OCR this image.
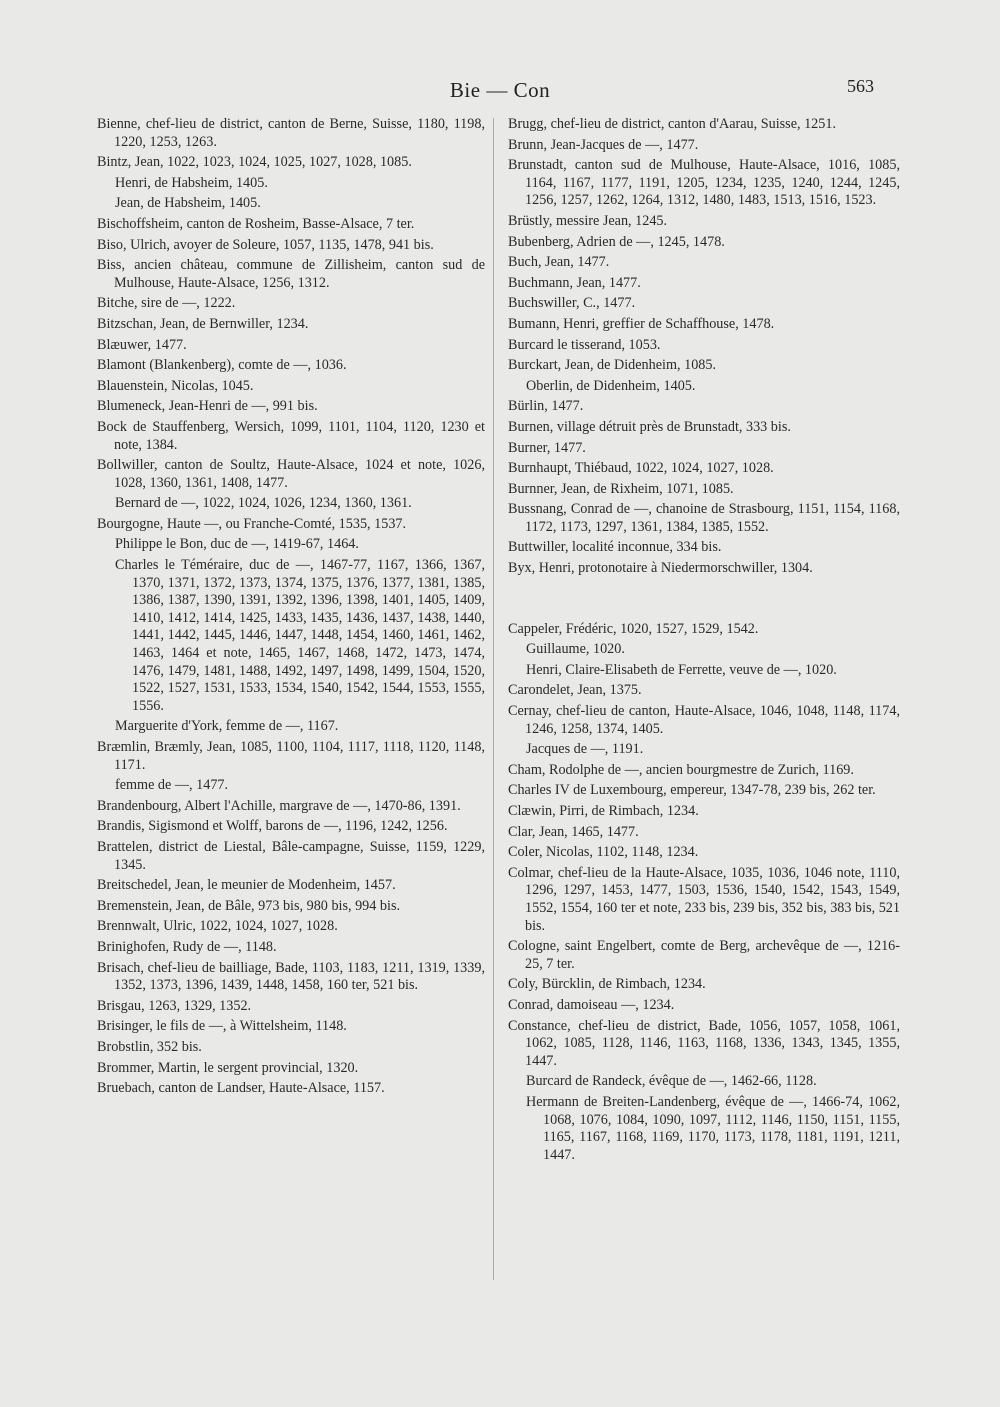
Bie — Con	563
Bienne, chef-lieu de district, canton de Berne, Suisse, 1180, 1198, 1220, 1253, 1263.
Bintz, Jean, 1022, 1023, 1024, 1025, 1027, 1028, 1085.
Henri, de Habsheim, 1405.
Jean, de Habsheim, 1405.
Bischoffsheim, canton de Rosheim, Basse-Alsace, 7 ter.
Biso, Ulrich, avoyer de Soleure, 1057, 1135, 1478, 941 bis.
Biss, ancien château, commune de Zillisheim, canton sud de Mulhouse, Haute-Alsace, 1256, 1312.
Bitche, sire de —, 1222.
Bitzschan, Jean, de Bernwiller, 1234.
Blæuwer, 1477.
Blamont (Blankenberg), comte de —, 1036.
Blauenstein, Nicolas, 1045.
Blumeneck, Jean-Henri de —, 991 bis.
Bock de Stauffenberg, Wersich, 1099, 1101, 1104, 1120, 1230 et note, 1384.
Bollwiller, canton de Soultz, Haute-Alsace, 1024 et note, 1026, 1028, 1360, 1361, 1408, 1477.
Bernard de —, 1022, 1024, 1026, 1234, 1360, 1361.
Bourgogne, Haute —, ou Franche-Comté, 1535, 1537.
Philippe le Bon, duc de —, 1419-67, 1464.
Charles le Téméraire, duc de —, 1467-77, 1167, 1366, 1367, 1370, 1371, 1372, 1373, 1374, 1375, 1376, 1377, 1381, 1385, 1386, 1387, 1390, 1391, 1392, 1396, 1398, 1401, 1405, 1409, 1410, 1412, 1414, 1425, 1433, 1435, 1436, 1437, 1438, 1440, 1441, 1442, 1445, 1446, 1447, 1448, 1454, 1460, 1461, 1462, 1463, 1464 et note, 1465, 1467, 1468, 1472, 1473, 1474, 1476, 1479, 1481, 1488, 1492, 1497, 1498, 1499, 1504, 1520, 1522, 1527, 1531, 1533, 1534, 1540, 1542, 1544, 1553, 1555, 1556.
Marguerite d'York, femme de —, 1167.
Bræmlin, Bræmly, Jean, 1085, 1100, 1104, 1117, 1118, 1120, 1148, 1171.
femme de —, 1477.
Brandenbourg, Albert l'Achille, margrave de —, 1470-86, 1391.
Brandis, Sigismond et Wolff, barons de —, 1196, 1242, 1256.
Brattelen, district de Liestal, Bâle-campagne, Suisse, 1159, 1229, 1345.
Breitschedel, Jean, le meunier de Modenheim, 1457.
Bremenstein, Jean, de Bâle, 973 bis, 980 bis, 994 bis.
Brennwalt, Ulric, 1022, 1024, 1027, 1028.
Brinighofen, Rudy de —, 1148.
Brisach, chef-lieu de bailliage, Bade, 1103, 1183, 1211, 1319, 1339, 1352, 1373, 1396, 1439, 1448, 1458, 160 ter, 521 bis.
Brisgau, 1263, 1329, 1352.
Brisinger, le fils de —, à Wittelsheim, 1148.
Brobstlin, 352 bis.
Brommer, Martin, le sergent provincial, 1320.
Bruebach, canton de Landser, Haute-Alsace, 1157.
Brugg, chef-lieu de district, canton d'Aarau, Suisse, 1251.
Brunn, Jean-Jacques de —, 1477.
Brunstadt, canton sud de Mulhouse, Haute-Alsace, 1016, 1085, 1164, 1167, 1177, 1191, 1205, 1234, 1235, 1240, 1244, 1245, 1256, 1257, 1262, 1264, 1312, 1480, 1483, 1513, 1516, 1523.
Brüstly, messire Jean, 1245.
Bubenberg, Adrien de —, 1245, 1478.
Buch, Jean, 1477.
Buchmann, Jean, 1477.
Buchswiller, C., 1477.
Bumann, Henri, greffier de Schaffhouse, 1478.
Burcard le tisserand, 1053.
Burckart, Jean, de Didenheim, 1085.
Oberlin, de Didenheim, 1405.
Bürlin, 1477.
Burnen, village détruit près de Brunstadt, 333 bis.
Burner, 1477.
Burnhaupt, Thiébaud, 1022, 1024, 1027, 1028.
Burnner, Jean, de Rixheim, 1071, 1085.
Bussnang, Conrad de —, chanoine de Strasbourg, 1151, 1154, 1168, 1172, 1173, 1297, 1361, 1384, 1385, 1552.
Buttwiller, localité inconnue, 334 bis.
Byx, Henri, protonotaire à Niedermorschwiller, 1304.
Cappeler, Frédéric, 1020, 1527, 1529, 1542.
Guillaume, 1020.
Henri, Claire-Elisabeth de Ferrette, veuve de —, 1020.
Carondelet, Jean, 1375.
Cernay, chef-lieu de canton, Haute-Alsace, 1046, 1048, 1148, 1174, 1246, 1258, 1374, 1405.
Jacques de —, 1191.
Cham, Rodolphe de —, ancien bourgmestre de Zurich, 1169.
Charles IV de Luxembourg, empereur, 1347-78, 239 bis, 262 ter.
Clæwin, Pirri, de Rimbach, 1234.
Clar, Jean, 1465, 1477.
Coler, Nicolas, 1102, 1148, 1234.
Colmar, chef-lieu de la Haute-Alsace, 1035, 1036, 1046 note, 1110, 1296, 1297, 1453, 1477, 1503, 1536, 1540, 1542, 1543, 1549, 1552, 1554, 160 ter et note, 233 bis, 239 bis, 352 bis, 383 bis, 521 bis.
Cologne, saint Engelbert, comte de Berg, archevêque de —, 1216-25, 7 ter.
Coly, Bürcklin, de Rimbach, 1234.
Conrad, damoiseau —, 1234.
Constance, chef-lieu de district, Bade, 1056, 1057, 1058, 1061, 1062, 1085, 1128, 1146, 1163, 1168, 1336, 1343, 1345, 1355, 1447.
Burcard de Randeck, évêque de —, 1462-66, 1128.
Hermann de Breiten-Landenberg, évêque de —, 1466-74, 1062, 1068, 1076, 1084, 1090, 1097, 1112, 1146, 1150, 1151, 1155, 1165, 1167, 1168, 1169, 1170, 1173, 1178, 1181, 1191, 1211, 1447.
